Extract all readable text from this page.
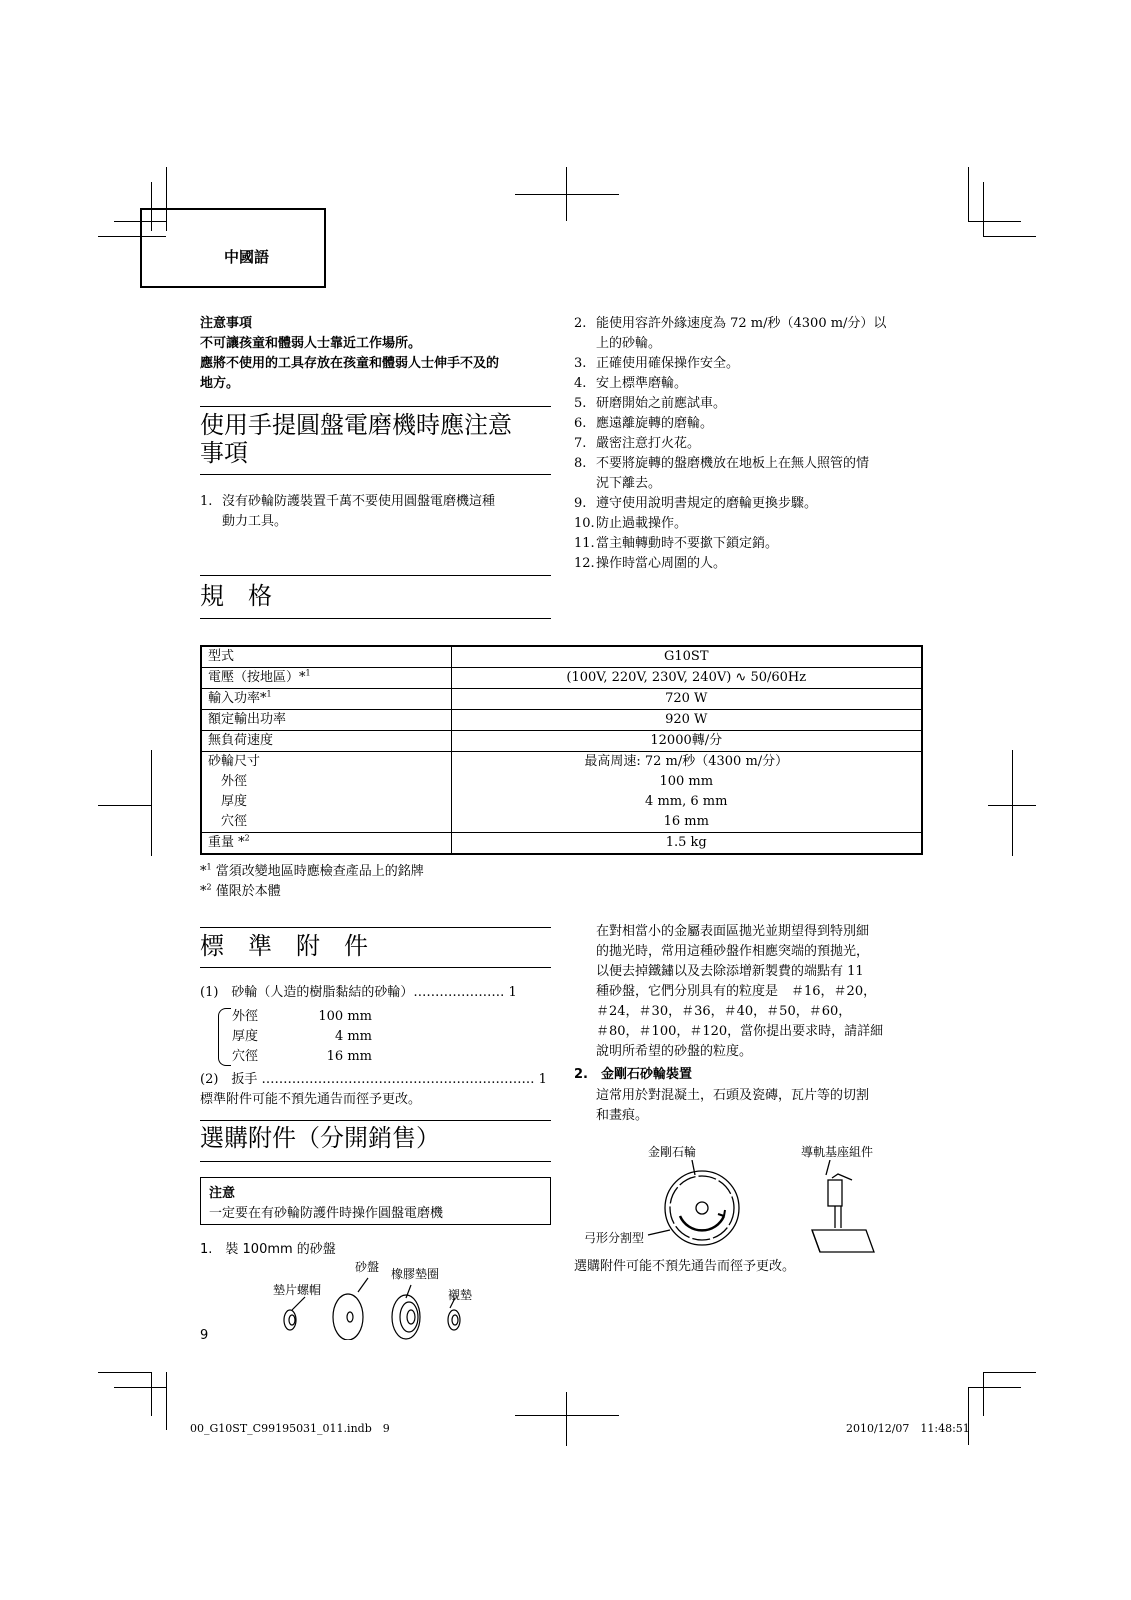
中國語
注意事項
不可讓孩童和體弱人士靠近工作場所。
應將不使用的工具存放在孩童和體弱人士伸手不及的
地方。
使用手提圓盤電磨機時應注意
事項
1. 沒有砂輪防護裝置千萬不要使用圓盤電磨機這種
動力工具。
2. 能使用容許外緣速度為 72 m/秒（4300 m/分）以
上的砂輪。
3. 正確使用確保操作安全。
4. 安上標準磨輪。
5. 研磨開始之前應試車。
6. 應遠離旋轉的磨輪。
7. 嚴密注意打火花。
8. 不要將旋轉的盤磨機放在地板上在無人照管的情
況下離去。
9. 遵守使用說明書規定的磨輪更換步驟。
10. 防止過載操作。
11. 當主軸轉動時不要撳下鎖定銷。
12. 操作時當心周圍的人。
規　格
型式	G10ST
電壓（按地區）*$^1$	(100V, 220V, 230V, 240V) ∿ 50/60Hz
輸入功率*$^1$	720 W
額定輸出功率	920 W
無負荷速度	12000轉/分
砂輪尺寸	最高周速: 72 m/秒（4300 m/分）
　外徑	100 mm
　厚度	4 mm, 6 mm
　穴徑	16 mm
重量 *$^2$	1.5 kg
*$^1$ 當須改變地區時應檢查產品上的銘牌
*$^2$ 僅限於本體
標　準　附　件
(1)　砂輪（人造的樹脂黏結的砂輪）………………… 1
外徑	100 mm
厚度	4 mm
穴徑	16 mm
(2)　扳手 ……………………………………………………… 1
標準附件可能不預先通告而徑予更改。
選購附件（分開銷售）
注意
一定要在有砂輪防護件時操作圓盤電磨機
1.　裝 100mm 的砂盤
砂盤 橡膠墊圈
墊片螺帽	襯墊
9
在對相當小的金屬表面區拋光並期望得到特別細
的拋光時，常用這種砂盤作相應突端的預拋光，
以便去掉鐵鏽以及去除添增新製費的端點有 11
種砂盤，它們分別具有的粒度是　＃16，＃20，
＃24，＃30，＃36，＃40，＃50，＃60，
＃80，＃100，＃120，當你提出要求時，請詳細
說明所希望的砂盤的粒度。
2.　金剛石砂輪裝置
這常用於對混凝土，石頭及瓷磚，瓦片等的切割
和畫痕。
金剛石輪	導軌基座組件
弓形分割型
選購附件可能不預先通告而徑予更改。
00_G10ST_C99195031_011.indb　9	2010/12/07　11:48:51
